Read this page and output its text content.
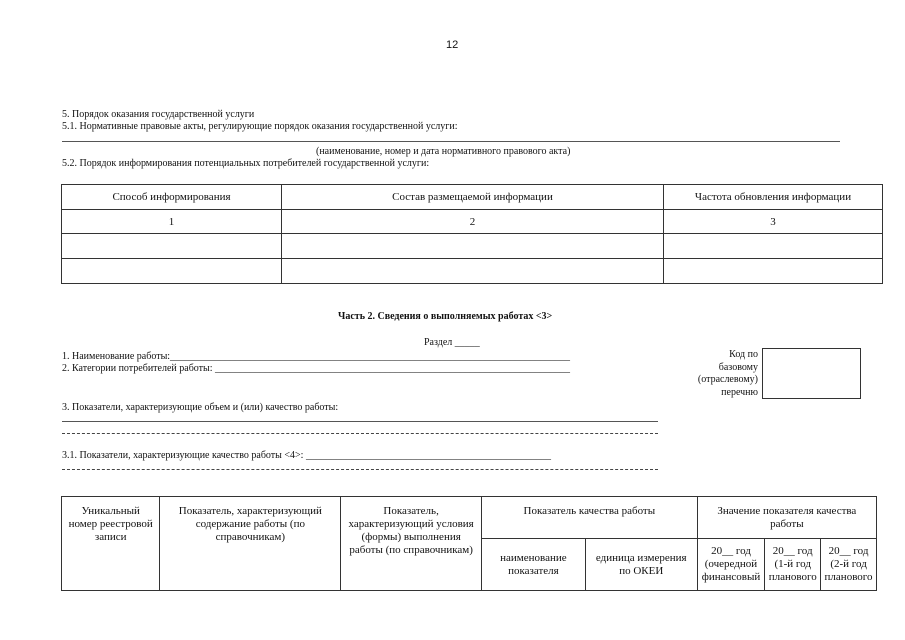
12
5. Порядок оказания государственной услуги
5.1. Нормативные правовые акты, регулирующие порядок оказания государственной услуги:
(наименование, номер и дата нормативного правового акта)
5.2. Порядок информирования потенциальных потребителей государственной услуги:
Способ информирования	Состав размещаемой информации	Частота обновления информации
1	2	3

Часть 2. Сведения о выполняемых работах <3>
Раздел _____
1. Наименование работы:________________________________________________________________________________
2. Категории потребителей работы: _______________________________________________________________________
Код по
базовому
(отраслевому)
перечню
3. Показатели, характеризующие объем и (или) качество работы:
3.1. Показатели, характеризующие качество работы <4>: _________________________________________________
Уникальный номер реестровой записи	Показатель, характеризующий содержание работы (по справочникам)	Показатель, характеризующий условия (формы) выполнения работы (по справочникам)	Показатель качества работы		Значение показателя качества работы		
			наименование показателя	единица измерения по ОКЕИ	20__ год (очередной финансовый	20__ год (1-й год планового	20__ год (2-й год планового
